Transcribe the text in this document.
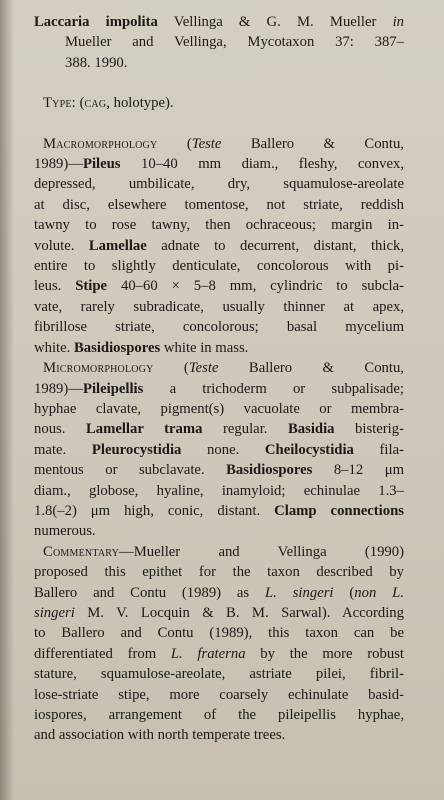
Laccaria impolita Vellinga & G. M. Mueller in
Mueller and Vellinga, Mycotaxon 37: 387–
388. 1990.
Type: (cag, holotype).
Macromorphology (Teste Ballero & Contu,
1989)—Pileus 10–40 mm diam., fleshy, convex,
depressed, umbilicate, dry, squamulose-areolate
at disc, elsewhere tomentose, not striate, reddish
tawny to rose tawny, then ochraceous; margin in-
volute. Lamellae adnate to decurrent, distant, thick,
entire to slightly denticulate, concolorous with pi-
leus. Stipe 40–60 × 5–8 mm, cylindric to subcla-
vate, rarely subradicate, usually thinner at apex,
fibrillose striate, concolorous; basal mycelium
white. Basidiospores white in mass.
Micromorphology (Teste Ballero & Contu,
1989)—Pileipellis a trichoderm or subpalisade;
hyphae clavate, pigment(s) vacuolate or membra-
nous. Lamellar trama regular. Basidia bisterig-
mate. Pleurocystidia none. Cheilocystidia fila-
mentous or subclavate. Basidiospores 8–12 μm
diam., globose, hyaline, inamyloid; echinulae 1.3–
1.8(–2) μm high, conic, distant. Clamp connections
numerous.
Commentary—Mueller and Vellinga (1990)
proposed this epithet for the taxon described by
Ballero and Contu (1989) as L. singeri (non L.
singeri M. V. Locquin & B. M. Sarwal). According
to Ballero and Contu (1989), this taxon can be
differentiated from L. fraterna by the more robust
stature, squamulose-areolate, astriate pilei, fibril-
lose-striate stipe, more coarsely echinulate basid-
iospores, arrangement of the pileipellis hyphae,
and association with north temperate trees.
